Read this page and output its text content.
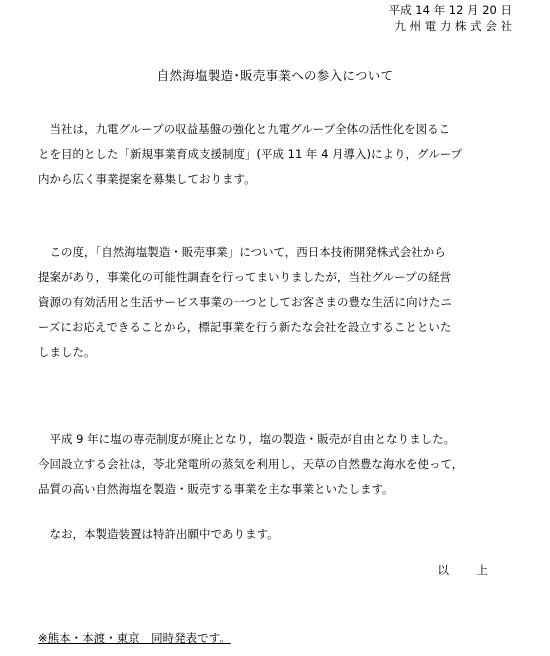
平成 14 年 12 月 20 日
九 州 電 力 株 式 会 社
自然海塩製造･販売事業への参入について
　当社は，九電グループの収益基盤の強化と九電グループ全体の活性化を図るこ
とを目的とした「新規事業育成支援制度」(平成 11 年 4 月導入)により，グループ
内から広く事業提案を募集しております。
　この度，「自然海塩製造・販売事業」について，西日本技術開発株式会社から
提案があり，事業化の可能性調査を行ってまいりましたが，当社グループの経営
資源の有効活用と生活サービス事業の一つとしてお客さまの豊な生活に向けたニ
ーズにお応えできることから，標記事業を行う新たな会社を設立することといた
しました。
　平成 9 年に塩の専売制度が廃止となり，塩の製造・販売が自由となりました。
今回設立する会社は，苓北発電所の蒸気を利用し，天草の自然豊な海水を使って，
品質の高い自然海塩を製造・販売する事業を主な事業といたします。
　なお，本製造装置は特許出願中であります。
以　上
※熊本・本渡・東京　同時発表です。
